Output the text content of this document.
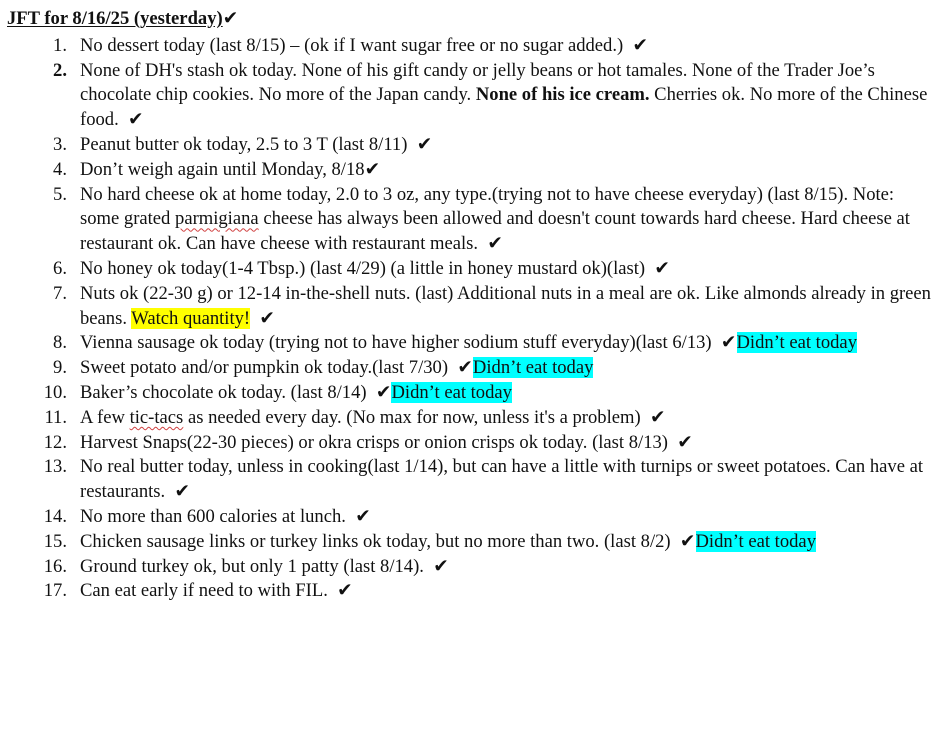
JFT for 8/16/25 (yesterday)✔
1. No dessert today (last 8/15) – (ok if I want sugar free or no sugar added.) ✔
2. None of DH's stash ok today. None of his gift candy or jelly beans or hot tamales. None of the Trader Joe’s chocolate chip cookies. No more of the Japan candy. None of his ice cream. Cherries ok. No more of the Chinese food. ✔
3. Peanut butter ok today, 2.5 to 3 T (last 8/11) ✔
4. Don’t weigh again until Monday, 8/18✔
5. No hard cheese ok at home today, 2.0 to 3 oz, any type.(trying not to have cheese everyday) (last 8/15). Note: some grated parmigiana cheese has always been allowed and doesn't count towards hard cheese. Hard cheese at restaurant ok. Can have cheese with restaurant meals. ✔
6. No honey ok today(1-4 Tbsp.) (last 4/29) (a little in honey mustard ok)(last) ✔
7. Nuts ok (22-30 g) or 12-14 in-the-shell nuts. (last) Additional nuts in a meal are ok. Like almonds already in green beans. Watch quantity! ✔
8. Vienna sausage ok today (trying not to have higher sodium stuff everyday)(last 6/13) ✔Didn’t eat today
9. Sweet potato and/or pumpkin ok today.(last 7/30) ✔Didn’t eat today
10. Baker’s chocolate ok today. (last 8/14) ✔Didn’t eat today
11. A few tic-tacs as needed every day. (No max for now, unless it's a problem) ✔
12. Harvest Snaps(22-30 pieces) or okra crisps or onion crisps ok today. (last 8/13) ✔
13. No real butter today, unless in cooking(last 1/14), but can have a little with turnips or sweet potatoes. Can have at restaurants. ✔
14. No more than 600 calories at lunch. ✔
15. Chicken sausage links or turkey links ok today, but no more than two. (last 8/2) ✔Didn’t eat today
16. Ground turkey ok, but only 1 patty (last 8/14). ✔
17. Can eat early if need to with FIL. ✔
